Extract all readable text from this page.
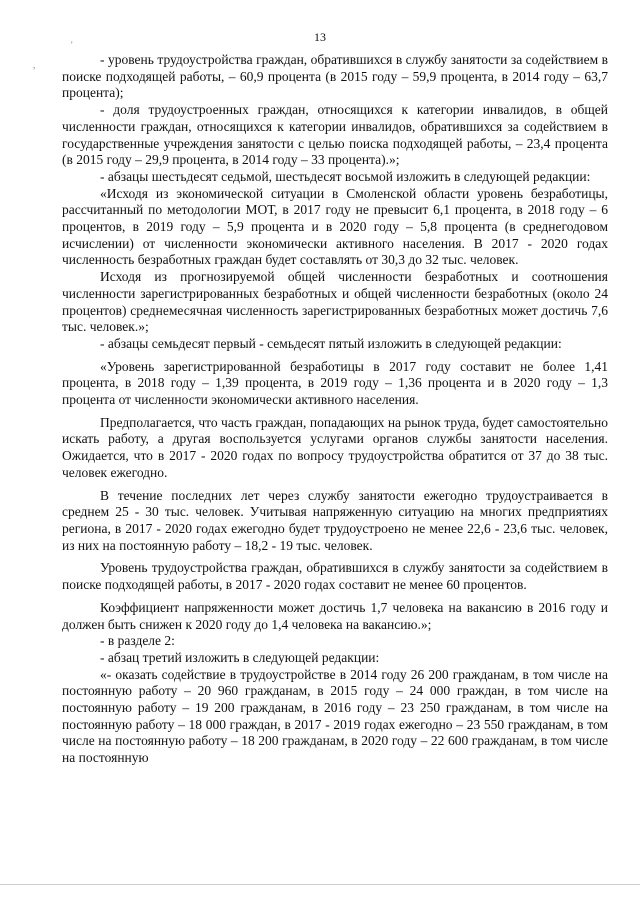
13
'
,	- уровень трудоустройства граждан, обратившихся в службу занятости за содействием в поиске подходящей работы, – 60,9 процента (в 2015 году – 59,9 процента, в 2014 году – 63,7 процента);

- доля трудоустроенных граждан, относящихся к категории инвалидов, в общей численности граждан, относящихся к категории инвалидов, обратившихся за содействием в государственные учреждения занятости с целью поиска подходящей работы, – 23,4 процента (в 2015 году – 29,9 процента, в 2014 году – 33 процента).»;

- абзацы шестьдесят седьмой, шестьдесят восьмой изложить в следующей редакции:

«Исходя из экономической ситуации в Смоленской области уровень безработицы, рассчитанный по методологии МОТ, в 2017 году не превысит 6,1 процента, в 2018 году – 6 процентов, в 2019 году – 5,9 процента и в 2020 году – 5,8 процента (в среднегодовом исчислении) от численности экономически активного населения. В 2017 - 2020 годах численность безработных граждан будет составлять от 30,3 до 32 тыс. человек.

Исходя из прогнозируемой общей численности безработных и соотношения численности зарегистрированных безработных и общей численности безработных (около 24 процентов) среднемесячная численность зарегистрированных безработных может достичь 7,6 тыс. человек.»;

- абзацы семьдесят первый - семьдесят пятый изложить в следующей редакции:

«Уровень зарегистрированной безработицы в 2017 году составит не более 1,41 процента, в 2018 году – 1,39 процента, в 2019 году – 1,36 процента и в 2020 году – 1,3 процента от численности экономически активного населения.

Предполагается, что часть граждан, попадающих на рынок труда, будет самостоятельно искать работу, а другая воспользуется услугами органов службы занятости населения. Ожидается, что в 2017 - 2020 годах по вопросу трудоустройства обратится от 37 до 38 тыс. человек ежегодно.

В течение последних лет через службу занятости ежегодно трудоустраивается в среднем 25 - 30 тыс. человек. Учитывая напряженную ситуацию на многих предприятиях региона, в 2017 - 2020 годах ежегодно будет трудоустроено не менее 22,6 - 23,6 тыс. человек, из них на постоянную работу – 18,2 - 19 тыс. человек.

Уровень трудоустройства граждан, обратившихся в службу занятости за содействием в поиске подходящей работы, в 2017 - 2020 годах составит не менее 60 процентов.

Коэффициент напряженности может достичь 1,7 человека на вакансию в 2016 году и должен быть снижен к 2020 году до 1,4 человека на вакансию.»;

- в разделе 2:

- абзац третий изложить в следующей редакции:

«- оказать содействие в трудоустройстве в 2014 году 26 200 гражданам, в том числе на постоянную работу – 20 960 гражданам, в 2015 году – 24 000 граждан, в том числе на постоянную работу – 19 200 гражданам, в 2016 году – 23 250 гражданам, в том числе на постоянную работу – 18 000 граждан, в 2017 - 2019 годах ежегодно – 23 550 гражданам, в том числе на постоянную работу – 18 200 гражданам, в 2020 году – 22 600 гражданам, в том числе на постоянную
